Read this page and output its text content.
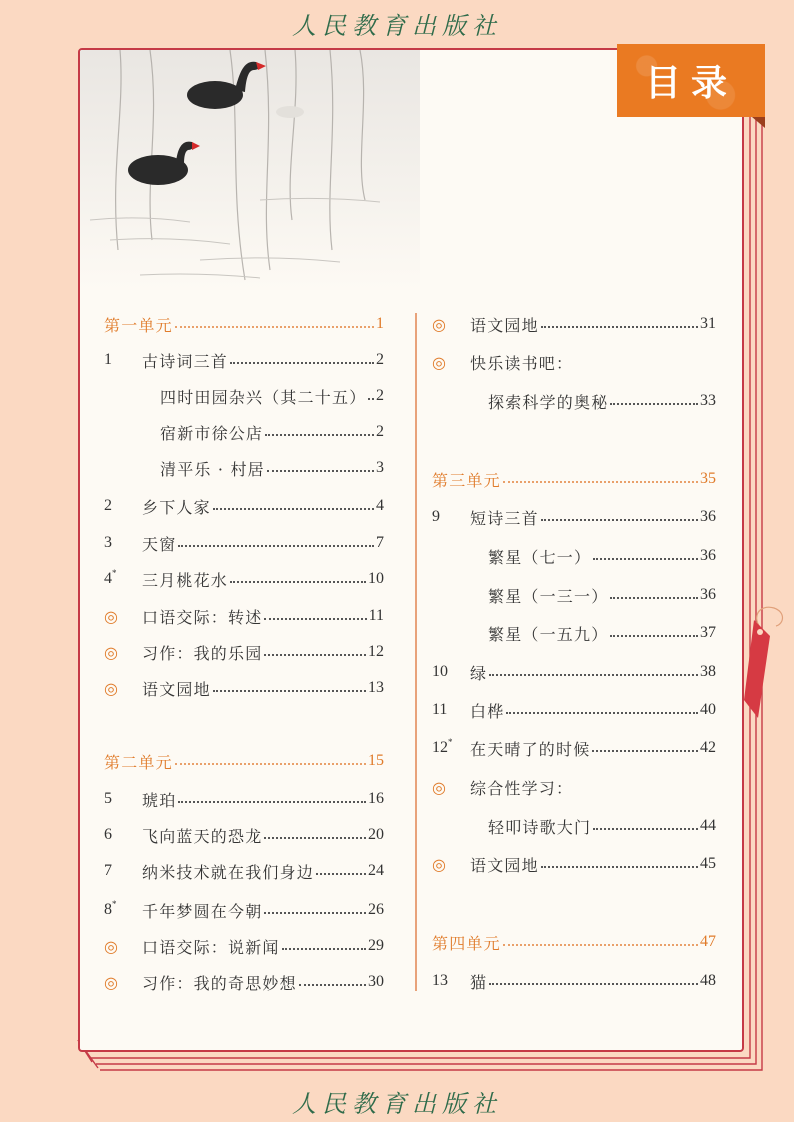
人民教育出版社
目录
第一单元	1
1	古诗词三首	2
四时田园杂兴（其二十五） 2
宿新市徐公店	2
清平乐 · 村居	3
2	乡下人家	4
3	天窗	7
4*	三月桃花水	10
◎	口语交际：转述	11
◎	习作：我的乐园	12
◎	语文园地	13
第二单元	15
5	琥珀	16
6	飞向蓝天的恐龙	20
7	纳米技术就在我们身边	24
8*	千年梦圆在今朝	26
◎	口语交际：说新闻	29
◎	习作：我的奇思妙想	30
◎	语文园地	31
◎	快乐读书吧：
探索科学的奥秘	33
第三单元	35
9	短诗三首	36
繁星（七一）	36
繁星（一三一）	36
繁星（一五九）	37
10	绿	38
11	白桦	40
12*	在天晴了的时候	42
◎	综合性学习：
轻叩诗歌大门	44
◎	语文园地	45
第四单元	47
13	猫	48
人民教育出版社
